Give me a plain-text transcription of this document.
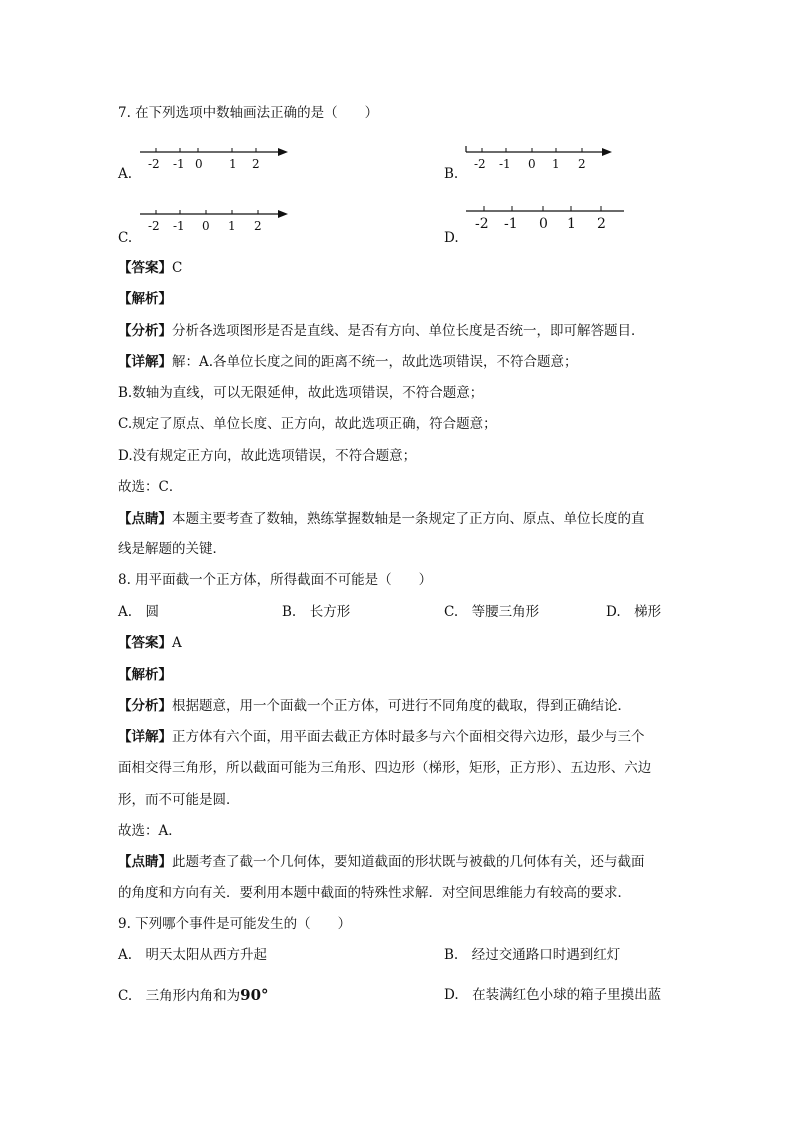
7. 在下列选项中数轴画法正确的是（　　）
A.
-2 -1 0 1 2
B.
-2 -1 0 1 2
C.
-2 -1 0 1 2
D.
-2 -1 0 1 2
【答案】C
【解析】
【分析】分析各选项图形是否是直线、是否有方向、单位长度是否统一，即可解答题目．
【详解】解：A.各单位长度之间的距离不统一，故此选项错误，不符合题意；
B.数轴为直线，可以无限延伸，故此选项错误，不符合题意；
C.规定了原点、单位长度、正方向，故此选项正确，符合题意；
D.没有规定正方向，故此选项错误，不符合题意；
故选：C．
【点睛】本题主要考查了数轴，熟练掌握数轴是一条规定了正方向、原点、单位长度的直
线是解题的关键．
8. 用平面截一个正方体，所得截面不可能是（　　）
A.　圆	B.　长方形	C.　等腰三角形	D.　梯形
【答案】A
【解析】
【分析】根据题意，用一个面截一个正方体，可进行不同角度的截取，得到正确结论．
【详解】正方体有六个面，用平面去截正方体时最多与六个面相交得六边形，最少与三个
面相交得三角形，所以截面可能为三角形、四边形（梯形，矩形，正方形）、五边形、六边
形，而不可能是圆．
故选：A．
【点睛】此题考查了截一个几何体，要知道截面的形状既与被截的几何体有关，还与截面
的角度和方向有关．要利用本题中截面的特殊性求解．对空间思维能力有较高的要求．
9. 下列哪个事件是可能发生的（　　）
A.　明天太阳从西方升起	B.　经过交通路口时遇到红灯
C.　三角形内角和为90°	D.　在装满红色小球的箱子里摸出蓝
